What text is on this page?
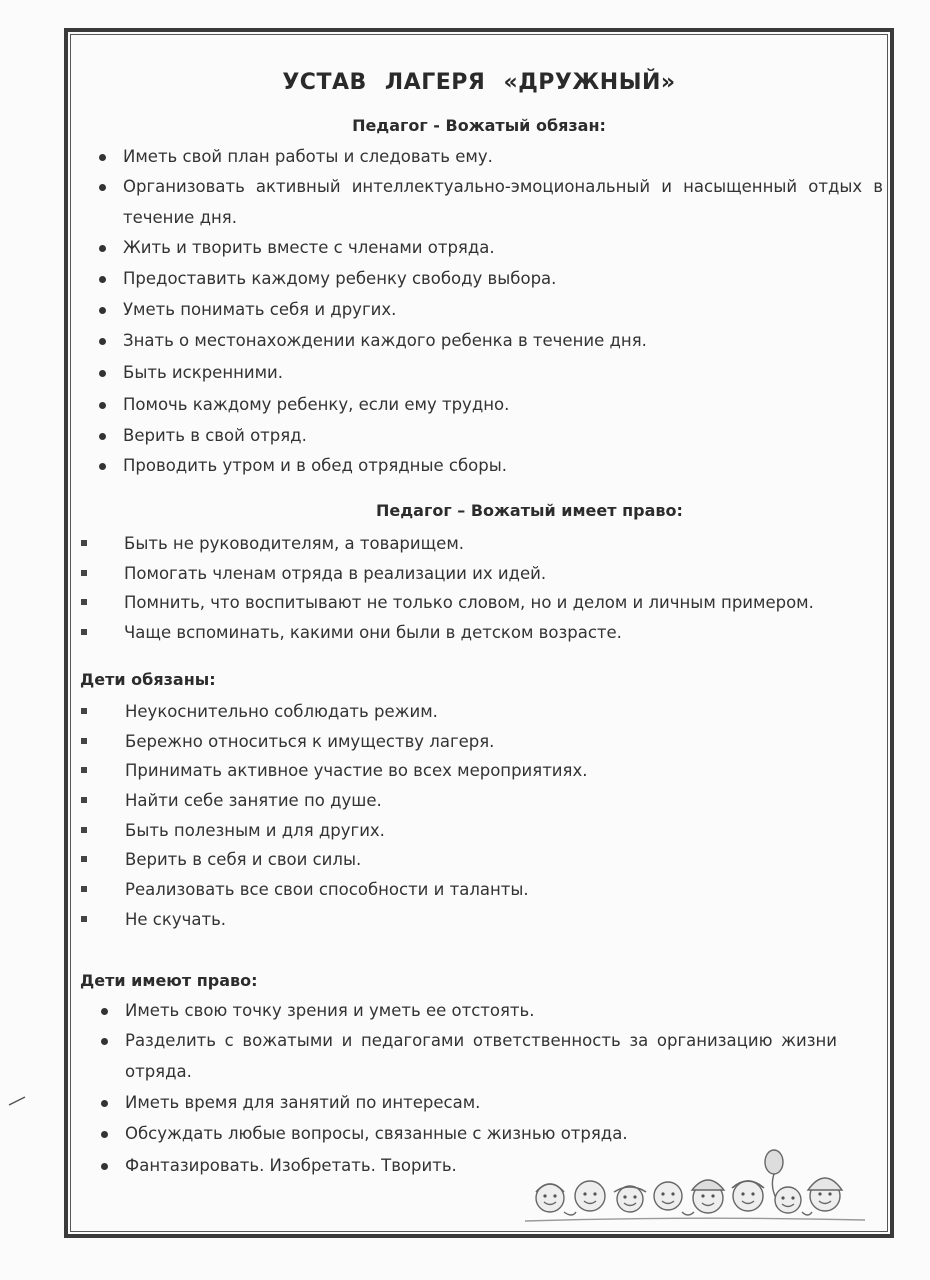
УСТАВ ЛАГЕРЯ «ДРУЖНЫЙ»
Педагог - Вожатый обязан:
Иметь свой план работы и следовать ему.
Организовать активный интеллектуально-эмоциональный и насыщенный отдых в течение дня.
Жить и творить вместе с членами отряда.
Предоставить каждому ребенку свободу выбора.
Уметь понимать себя и других.
Знать о местонахождении каждого ребенка в течение дня.
Быть искренними.
Помочь каждому ребенку, если ему трудно.
Верить в свой отряд.
Проводить утром и в обед отрядные сборы.
Педагог – Вожатый имеет право:
Быть не руководителям, а товарищем.
Помогать членам отряда в реализации их идей.
Помнить, что воспитывают не только словом, но и делом и личным примером.
Чаще вспоминать, какими они были в детском возрасте.
Дети обязаны:
Неукоснительно соблюдать режим.
Бережно относиться к имуществу лагеря.
Принимать активное участие во всех мероприятиях.
Найти себе занятие по душе.
Быть полезным и для других.
Верить в себя и свои силы.
Реализовать все свои способности и таланты.
Не скучать.
Дети имеют право:
Иметь свою точку зрения и уметь ее отстоять.
Разделить с вожатыми и педагогами ответственность за организацию жизни отряда.
Иметь время для занятий по интересам.
Обсуждать любые вопросы, связанные с жизнью отряда.
Фантазировать. Изобретать. Творить.
